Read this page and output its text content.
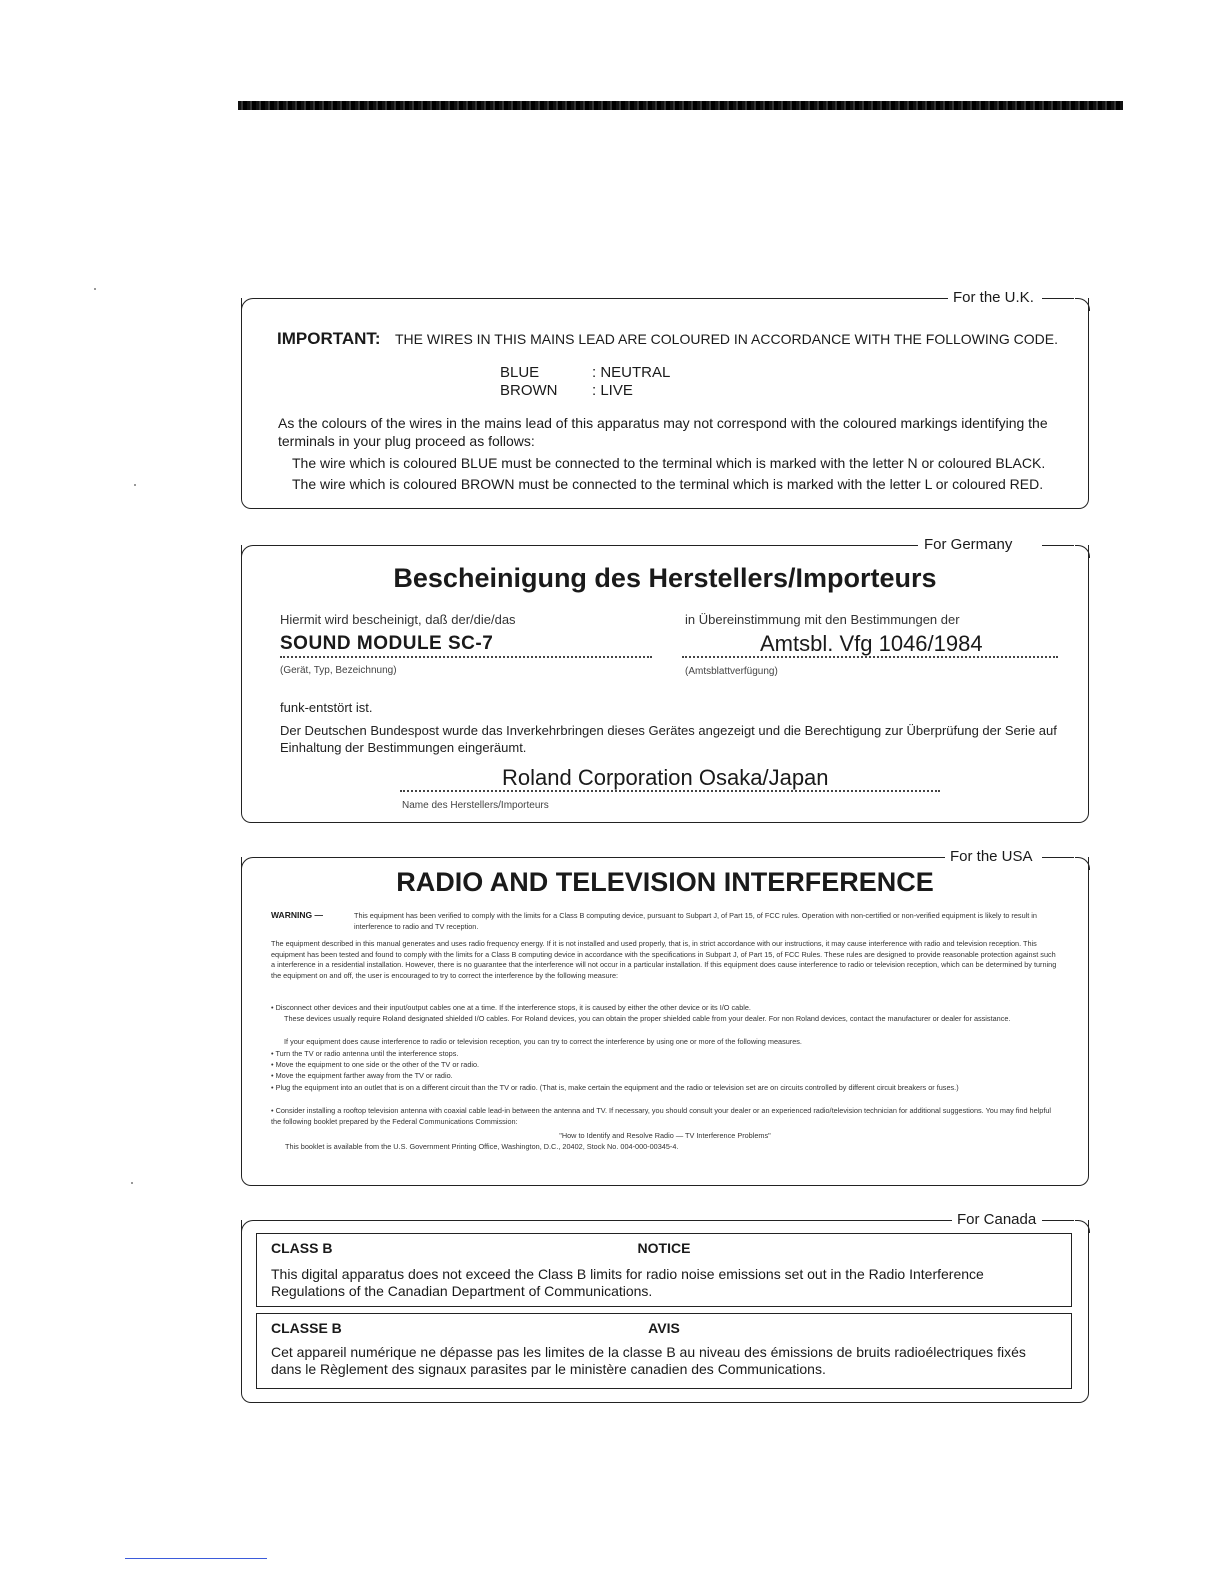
For the U.K.
IMPORTANT: THE WIRES IN THIS MAINS LEAD ARE COLOURED IN ACCORDANCE WITH THE FOLLOWING CODE.
BLUE	: NEUTRAL
BROWN : LIVE

As the colours of the wires in the mains lead of this apparatus may not correspond with the coloured markings identifying the terminals in your plug proceed as follows:

The wire which is coloured BLUE must be connected to the terminal which is marked with the letter N or coloured BLACK.

The wire which is coloured BROWN must be connected to the terminal which is marked with the letter L or coloured RED.

For Germany
Bescheinigung des Herstellers/Importeurs
Hiermit wird bescheinigt, daß der/die/das	in Übereinstimmung mit den Bestimmungen der
SOUND MODULE SC-7
(Gerät, Typ, Bezeichnung)
Amtsbl. Vfg 1046/1984
(Amtsblattverfügung)

funk-entstört ist.

Der Deutschen Bundespost wurde das Inverkehrbringen dieses Gerätes angezeigt und die Berechtigung zur Überprüfung der Serie auf Einhaltung der Bestimmungen eingeräumt.

Roland Corporation Osaka/Japan
Name des Herstellers/Importeurs
For the USA
RADIO AND TELEVISION INTERFERENCE
WARNING —	This equipment has been verified to comply with the limits for a Class B computing device, pursuant to Subpart J, of Part 15, of FCC rules. Operation with non-certified or non-verified equipment is likely to result in interference to radio and TV reception.

The equipment described in this manual generates and uses radio frequency energy. If it is not installed and used properly, that is, in strict accordance with our instructions, it may cause interference with radio and television reception. This equipment has been tested and found to comply with the limits for a Class B computing device in accordance with the specifications in Subpart J, of Part 15, of FCC Rules. These rules are designed to provide reasonable protection against such a interference in a residential installation. However, there is no guarantee that the interference will not occur in a particular installation. If this equipment does cause interference to radio or television reception, which can be determined by turning the equipment on and off, the user is encouraged to try to correct the interference by the following measure:

• Disconnect other devices and their input/output cables one at a time. If the interference stops, it is caused by either the other device or its I/O cable.

These devices usually require Roland designated shielded I/O cables. For Roland devices, you can obtain the proper shielded cable from your dealer. For non Roland devices, contact the manufacturer or dealer for assistance.

If your equipment does cause interference to radio or television reception, you can try to correct the interference by using one or more of the following measures.

• Turn the TV or radio antenna until the interference stops.

• Move the equipment to one side or the other of the TV or radio.

• Move the equipment farther away from the TV or radio.

• Plug the equipment into an outlet that is on a different circuit than the TV or radio. (That is, make certain the equipment and the radio or television set are on circuits controlled by different circuit breakers or fuses.)

• Consider installing a rooftop television antenna with coaxial cable lead-in between the antenna and TV. If necessary, you should consult your dealer or an experienced radio/television technician for additional suggestions. You may find helpful the following booklet prepared by the Federal Communications Commission:

"How to Identify and Resolve Radio — TV Interference Problems"

This booklet is available from the U.S. Government Printing Office, Washington, D.C., 20402, Stock No. 004-000-00345-4.

For Canada
CLASS B	NOTICE

This digital apparatus does not exceed the Class B limits for radio noise emissions set out in the Radio Interference Regulations of the Canadian Department of Communications.

CLASSE B	AVIS

Cet appareil numérique ne dépasse pas les limites de la classe B au niveau des émissions de bruits radioélectriques fixés dans le Règlement des signaux parasites par le ministère canadien des Communications.
